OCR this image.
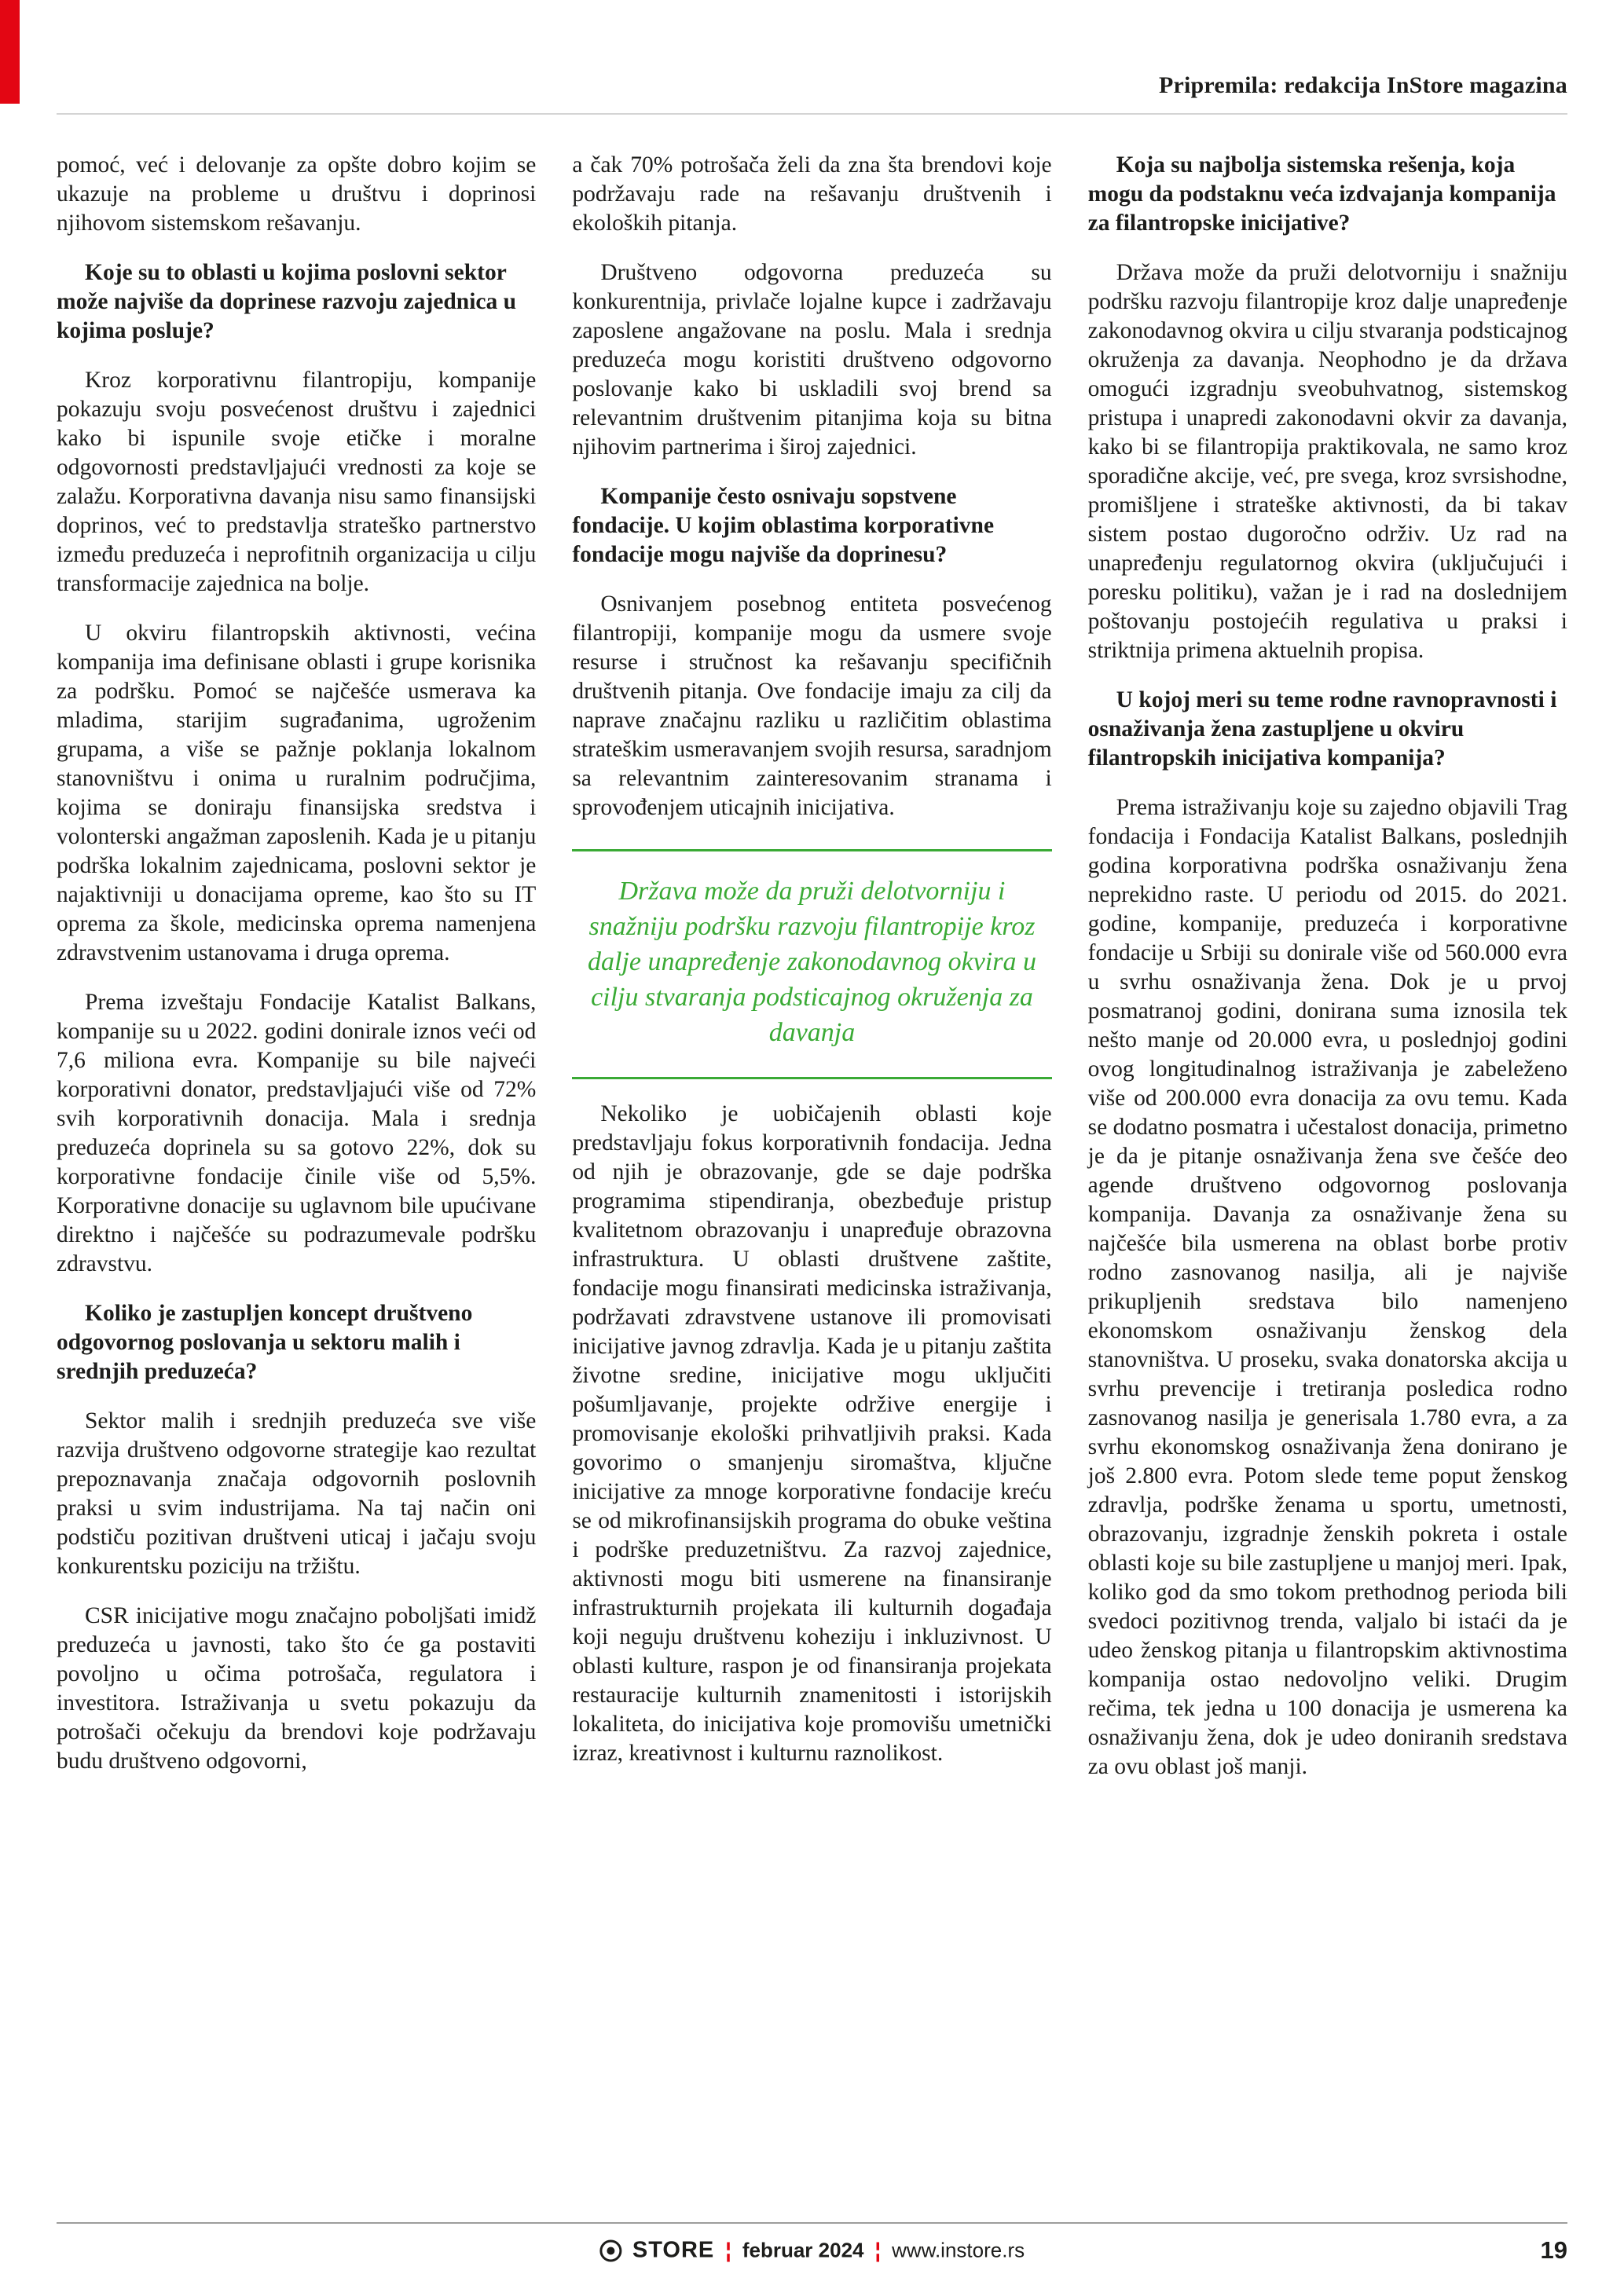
Pripremila: redakcija InStore magazina

pomoć, već i delovanje za opšte dobro kojim se ukazuje na probleme u društvu i doprinosi njihovom sistemskom rešavanju.

Koje su to oblasti u kojima poslovni sektor može najviše da doprinese razvoju zajednica u kojima posluje?

Kroz korporativnu filantropiju, kompanije pokazuju svoju posvećenost društvu i zajednici kako bi ispunile svoje etičke i moralne odgovornosti predstavljajući vrednosti za koje se zalažu. Korporativna davanja nisu samo finansijski doprinos, već to predstavlja strateško partnerstvo između preduzeća i neprofitnih organizacija u cilju transformacije zajednica na bolje.

U okviru filantropskih aktivnosti, većina kompanija ima definisane oblasti i grupe korisnika za podršku. Pomoć se najčešće usmerava ka mladima, starijim sugrađanima, ugroženim grupama, a više se pažnje poklanja lokalnom stanovništvu i onima u ruralnim područjima, kojima se doniraju finansijska sredstva i volonterski angažman zaposlenih. Kada je u pitanju podrška lokalnim zajednicama, poslovni sektor je najaktivniji u donacijama opreme, kao što su IT oprema za škole, medicinska oprema namenjena zdravstvenim ustanovama i druga oprema.

Prema izveštaju Fondacije Katalist Balkans, kompanije su u 2022. godini donirale iznos veći od 7,6 miliona evra. Kompanije su bile najveći korporativni donator, predstavljajući više od 72% svih korporativnih donacija. Mala i srednja preduzeća doprinela su sa gotovo 22%, dok su korporativne fondacije činile više od 5,5%. Korporativne donacije su uglavnom bile upućivane direktno i najčešće su podrazumevale podršku zdravstvu.

Koliko je zastupljen koncept društveno odgovornog poslovanja u sektoru malih i srednjih preduzeća?

Sektor malih i srednjih preduzeća sve više razvija društveno odgovorne strategije kao rezultat prepoznavanja značaja odgovornih poslovnih praksi u svim industrijama. Na taj način oni podstiču pozitivan društveni uticaj i jačaju svoju konkurentsku poziciju na tržištu.

CSR inicijative mogu značajno poboljšati imidž preduzeća u javnosti, tako što će ga postaviti povoljno u očima potrošača, regulatora i investitora. Istraživanja u svetu pokazuju da potrošači očekuju da brendovi koje podržavaju budu društveno odgovorni,

a čak 70% potrošača želi da zna šta brendovi koje podržavaju rade na rešavanju društvenih i ekoloških pitanja.

Društveno odgovorna preduzeća su konkurentnija, privlače lojalne kupce i zadržavaju zaposlene angažovane na poslu. Mala i srednja preduzeća mogu koristiti društveno odgovorno poslovanje kako bi uskladili svoj brend sa relevantnim društvenim pitanjima koja su bitna njihovim partnerima i široj zajednici.

Kompanije često osnivaju sopstvene fondacije. U kojim oblastima korporativne fondacije mogu najviše da doprinesu?

Osnivanjem posebnog entiteta posvećenog filantropiji, kompanije mogu da usmere svoje resurse i stručnost ka rešavanju specifičnih društvenih pitanja. Ove fondacije imaju za cilj da naprave značajnu razliku u različitim oblastima strateškim usmeravanjem svojih resursa, saradnjom sa relevantnim zainteresovanim stranama i sprovođenjem uticajnih inicijativa.

Država može da pruži delotvorniju i snažniju podršku razvoju filantropije kroz dalje unapređenje zakonodavnog okvira u cilju stvaranja podsticajnog okruženja za davanja

Nekoliko je uobičajenih oblasti koje predstavljaju fokus korporativnih fondacija. Jedna od njih je obrazovanje, gde se daje podrška programima stipendiranja, obezbeđuje pristup kvalitetnom obrazovanju i unapređuje obrazovna infrastruktura. U oblasti društvene zaštite, fondacije mogu finansirati medicinska istraživanja, podržavati zdravstvene ustanove ili promovisati inicijative javnog zdravlja. Kada je u pitanju zaštita životne sredine, inicijative mogu uključiti pošumljavanje, projekte održive energije i promovisanje ekološki prihvatljivih praksi. Kada govorimo o smanjenju siromaštva, ključne inicijative za mnoge korporativne fondacije kreću se od mikrofinansijskih programa do obuke veština i podrške preduzetništvu. Za razvoj zajednice, aktivnosti mogu biti usmerene na finansiranje infrastrukturnih projekata ili kulturnih događaja koji neguju društvenu koheziju i inkluzivnost. U oblasti kulture, raspon je od finansiranja projekata restauracije kulturnih znamenitosti i istorijskih lokaliteta, do inicijativa koje promovišu umetnički izraz, kreativnost i kulturnu raznolikost.

Koja su najbolja sistemska rešenja, koja mogu da podstaknu veća izdvajanja kompanija za filantropske inicijative?

Država može da pruži delotvorniju i snažniju podršku razvoju filantropije kroz dalje unapređenje zakonodavnog okvira u cilju stvaranja podsticajnog okruženja za davanja. Neophodno je da država omogući izgradnju sveobuhvatnog, sistemskog pristupa i unapredi zakonodavni okvir za davanja, kako bi se filantropija praktikovala, ne samo kroz sporadične akcije, već, pre svega, kroz svrsishodne, promišljene i strateške aktivnosti, da bi takav sistem postao dugoročno održiv. Uz rad na unapređenju regulatornog okvira (uključujući i poresku politiku), važan je i rad na doslednijem poštovanju postojećih regulativa u praksi i striktnija primena aktuelnih propisa.

U kojoj meri su teme rodne ravnopravnosti i osnaživanja žena zastupljene u okviru filantropskih inicijativa kompanija?

Prema istraživanju koje su zajedno objavili Trag fondacija i Fondacija Katalist Balkans, poslednjih godina korporativna podrška osnaživanju žena neprekidno raste. U periodu od 2015. do 2021. godine, kompanije, preduzeća i korporativne fondacije u Srbiji su donirale više od 560.000 evra u svrhu osnaživanja žena. Dok je u prvoj posmatranoj godini, donirana suma iznosila tek nešto manje od 20.000 evra, u poslednjoj godini ovog longitudinalnog istraživanja je zabeleženo više od 200.000 evra donacija za ovu temu. Kada se dodatno posmatra i učestalost donacija, primetno je da je pitanje osnaživanja žena sve češće deo agende društveno odgovornog poslovanja kompanija. Davanja za osnaživanje žena su najčešće bila usmerena na oblast borbe protiv rodno zasnovanog nasilja, ali je najviše prikupljenih sredstava bilo namenjeno ekonomskom osnaživanju ženskog dela stanovništva. U proseku, svaka donatorska akcija u svrhu prevencije i tretiranja posledica rodno zasnovanog nasilja je generisala 1.780 evra, a za svrhu ekonomskog osnaživanja žena donirano je još 2.800 evra. Potom slede teme poput ženskog zdravlja, podrške ženama u sportu, umetnosti, obrazovanju, izgradnje ženskih pokreta i ostale oblasti koje su bile zastupljene u manjoj meri. Ipak, koliko god da smo tokom prethodnog perioda bili svedoci pozitivnog trenda, valjalo bi istaći da je udeo ženskog pitanja u filantropskim aktivnostima kompanija ostao nedovoljno veliki. Drugim rečima, tek jedna u 100 donacija je usmerena ka osnaživanju žena, dok je udeo doniranih sredstava za ovu oblast još manji.

STORE ¦ februar 2024 ¦ www.instore.rs	19
